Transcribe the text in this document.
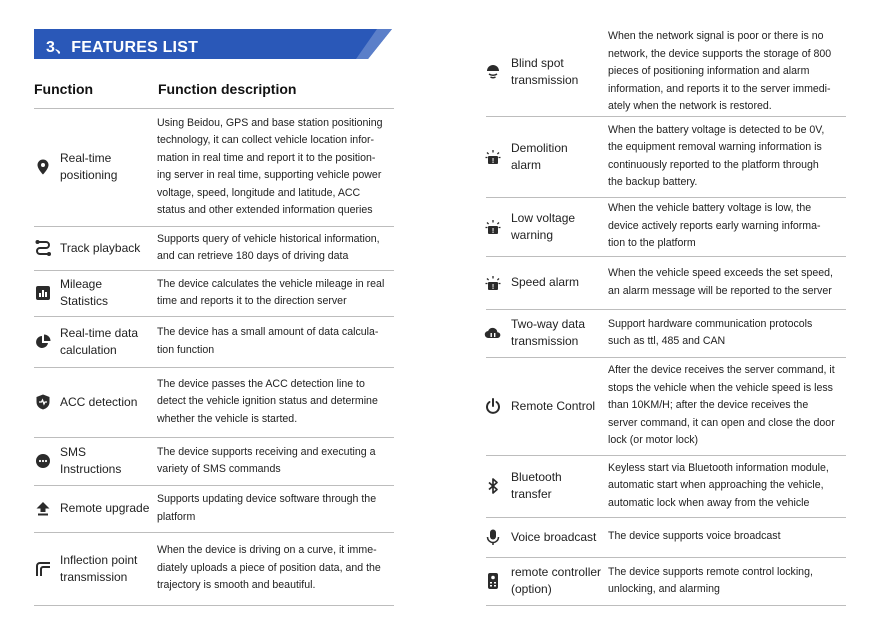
3、FEATURES LIST
Function	Function description
Real-time
positioning
Using Beidou, GPS and base station positioning
technology, it can collect vehicle location infor-
mation in real time and report it to the position-
ing server in real time, supporting vehicle power
voltage, speed, longitude and latitude, ACC
status and other extended information queries
Track playback
Supports query of vehicle historical information,
and can retrieve 180 days of driving data
Mileage
Statistics
The device calculates the vehicle mileage in real
time and reports it to the direction server
Real-time data
calculation
The device has a small amount of data calcula-
tion function
ACC detection
The device passes the ACC detection line to
detect the vehicle ignition status and determine
whether the vehicle is started.
SMS
Instructions
The device supports receiving and executing a
variety of SMS commands
Remote upgrade
Supports updating device software through the
platform
Inflection point
transmission
When the device is driving on a curve, it imme-
diately uploads a piece of position data, and the
trajectory is smooth and beautiful.
Blind spot
transmission
When the network signal is poor or there is no
network, the device supports the storage of 800
pieces of positioning information and alarm
information, and reports it to the server immedi-
ately when the network is restored.
!
Demolition
alarm
When the battery voltage is detected to be 0V,
the equipment removal warning information is
continuously reported to the platform through
the backup battery.
!
Low voltage
warning
When the vehicle battery voltage is low, the
device actively reports early warning informa-
tion to the platform
! Speed alarm
When the vehicle speed exceeds the set speed,
an alarm message will be reported to the server
Two-way data
transmission
Support hardware communication protocols
such as ttl, 485 and CAN
Remote Control
After the device receives the server command, it
stops the vehicle when the vehicle speed is less
than 10KM/H; after the device receives the
server command, it can open and close the door
lock (or motor lock)
Bluetooth
transfer
Keyless start via Bluetooth information module,
automatic start when approaching the vehicle,
automatic lock when away from the vehicle
Voice broadcast The device supports voice broadcast
remote controller
(option)
The device supports remote control locking,
unlocking, and alarming
